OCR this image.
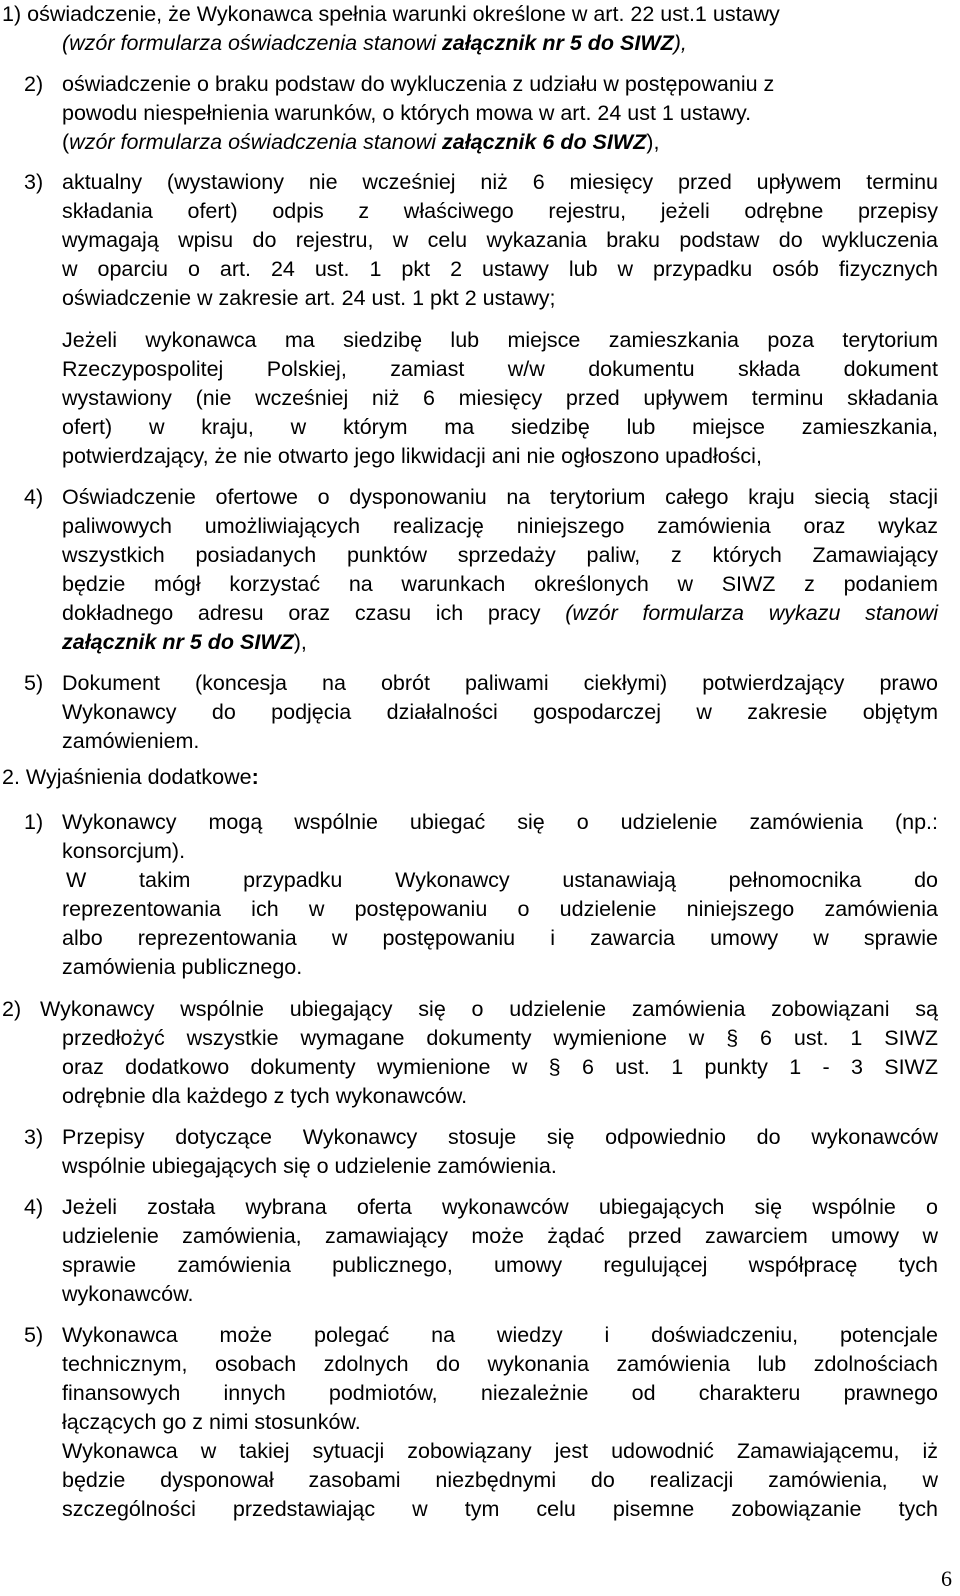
1) oświadczenie, że Wykonawca spełnia warunki określone w art. 22 ust.1 ustawy
(wzór formularza oświadczenia stanowi załącznik nr 5 do SIWZ),
2) oświadczenie o braku podstaw do wykluczenia z udziału w postępowaniu z
powodu niespełnienia warunków, o których mowa w art. 24 ust 1 ustawy.
(wzór formularza oświadczenia stanowi załącznik 6 do SIWZ),
3) aktualny (wystawiony nie wcześniej niż 6 miesięcy przed upływem terminu
składania ofert) odpis z właściwego rejestru, jeżeli odrębne przepisy
wymagają wpisu do rejestru, w celu wykazania braku podstaw do wykluczenia
w oparciu o art. 24 ust. 1 pkt 2 ustawy lub w przypadku osób fizycznych
oświadczenie w zakresie art. 24 ust. 1 pkt 2 ustawy;
Jeżeli wykonawca ma siedzibę lub miejsce zamieszkania poza terytorium
Rzeczypospolitej Polskiej, zamiast w/w dokumentu składa dokument
wystawiony (nie wcześniej niż 6 miesięcy przed upływem terminu składania
ofert) w kraju, w którym ma siedzibę lub miejsce zamieszkania,
potwierdzający, że nie otwarto jego likwidacji ani nie ogłoszono upadłości,
4) Oświadczenie ofertowe o dysponowaniu na terytorium całego kraju siecią stacji
paliwowych umożliwiających realizację niniejszego zamówienia oraz wykaz
wszystkich posiadanych punktów sprzedaży paliw, z których Zamawiający
będzie mógł korzystać na warunkach określonych w SIWZ z podaniem
dokładnego adresu oraz czasu ich pracy (wzór formularza wykazu stanowi
załącznik nr 5 do SIWZ),
5) Dokument (koncesja na obrót paliwami ciekłymi) potwierdzający prawo
Wykonawcy do podjęcia działalności gospodarczej w zakresie objętym
zamówieniem.
2. Wyjaśnienia dodatkowe:
1) Wykonawcy mogą wspólnie ubiegać się o udzielenie zamówienia (np.:
konsorcjum).
W takim przypadku Wykonawcy ustanawiają pełnomocnika do
reprezentowania ich w postępowaniu o udzielenie niniejszego zamówienia
albo reprezentowania w postępowaniu i zawarcia umowy w sprawie
zamówienia publicznego.
2) Wykonawcy wspólnie ubiegający się o udzielenie zamówienia zobowiązani są
przedłożyć wszystkie wymagane dokumenty wymienione w § 6 ust. 1 SIWZ
oraz dodatkowo dokumenty wymienione w § 6 ust. 1 punkty 1 - 3 SIWZ
odrębnie dla każdego z tych wykonawców.
3) Przepisy dotyczące Wykonawcy stosuje się odpowiednio do wykonawców
wspólnie ubiegających się o udzielenie zamówienia.
4) Jeżeli została wybrana oferta wykonawców ubiegających się wspólnie o
udzielenie zamówienia, zamawiający może żądać przed zawarciem umowy w
sprawie zamówienia publicznego, umowy regulującej współpracę tych
wykonawców.
5) Wykonawca może polegać na wiedzy i doświadczeniu, potencjale
technicznym, osobach zdolnych do wykonania zamówienia lub zdolnościach
finansowych innych podmiotów, niezależnie od charakteru prawnego
łączących go z nimi stosunków.
Wykonawca w takiej sytuacji zobowiązany jest udowodnić Zamawiającemu, iż
będzie dysponował zasobami niezbędnymi do realizacji zamówienia, w
szczególności przedstawiając w tym celu pisemne zobowiązanie tych
6
